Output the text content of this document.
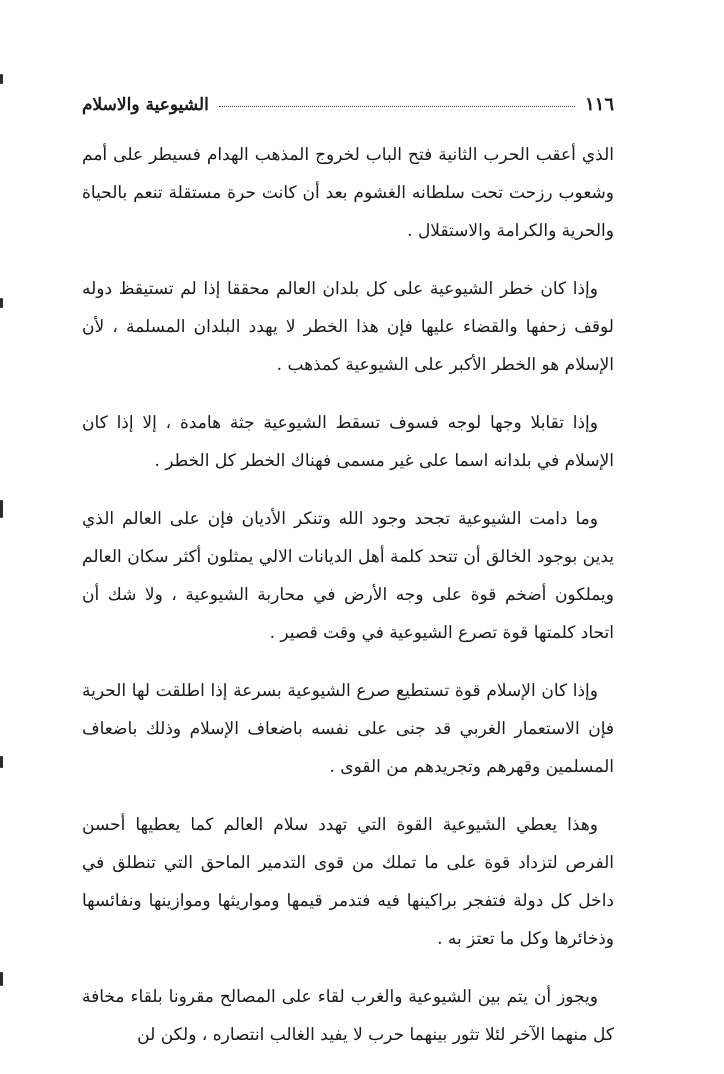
١١٦
الشيوعية والاسلام

الذي أعقب الحرب الثانية فتح الباب لخروج المذهب الهدام فسيطر على أمم وشعوب رزحت تحت سلطانه الغشوم بعد أن كانت حرة مستقلة تنعم بالحياة والحرية والكرامة والاستقلال .

وإذا كان خطر الشيوعية على كل بلدان العالم محققا إذا لم تستيقظ دوله لوقف زحفها والقضاء عليها فإن هذا الخطر لا يهدد البلدان المسلمة ، لأن الإسلام هو الخطر الأكبر على الشيوعية كمذهب .

وإذا تقابلا وجها لوجه فسوف تسقط الشيوعية جثة هامدة ، إلا إذا كان الإسلام في بلدانه اسما على غير مسمى فهناك الخطر كل الخطر .

وما دامت الشيوعية تجحد وجود الله وتنكر الأديان فإن على العالم الذي يدين بوجود الخالق أن تتحد كلمة أهل الديانات الالي يمثلون أكثر سكان العالم ويملكون أضخم قوة على وجه الأرض في محاربة الشيوعية ، ولا شك أن اتحاد كلمتها قوة تصرع الشيوعية في وقت قصير .

وإذا كان الإسلام قوة تستطيع صرع الشيوعية بسرعة إذا اطلقت لها الحرية فإن الاستعمار الغربي قد جنى على نفسه باضعاف الإسلام وذلك باضعاف المسلمين وقهرهم وتجريدهم من القوى .

وهذا يعطي الشيوعية القوة التي تهدد سلام العالم كما يعطيها أحسن الفرص لتزداد قوة على ما تملك من قوى التدمير الماحق التي تنطلق في داخل كل دولة فتفجر براكينها فيه فتدمر قيمها ومواريثها وموازينها ونفائسها وذخائرها وكل ما تعتز به .

ويجوز أن يتم بين الشيوعية والغرب لقاء على المصالح مقرونا بلقاء مخافة كل منهما الآخر لئلا تثور بينهما حرب لا يفيد الغالب انتصاره ، ولكن لن
